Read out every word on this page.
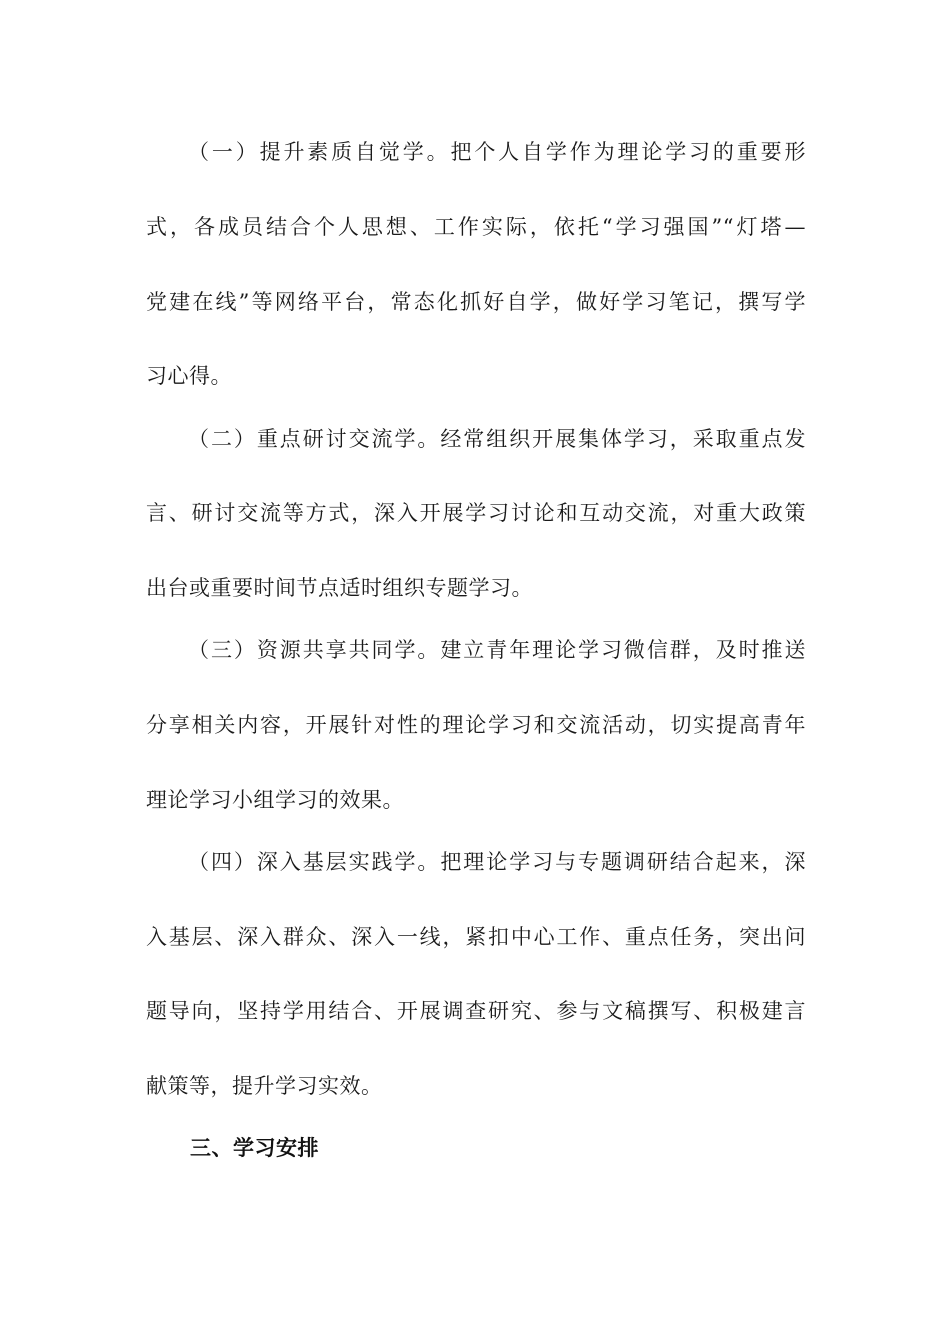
（一）提升素质自觉学。把个人自学作为理论学习的重要形
式，各成员结合个人思想、工作实际，依托“学习强国”“灯塔—
党建在线”等网络平台，常态化抓好自学，做好学习笔记，撰写学
习心得。
（二）重点研讨交流学。经常组织开展集体学习，采取重点发
言、研讨交流等方式，深入开展学习讨论和互动交流，对重大政策
出台或重要时间节点适时组织专题学习。
（三）资源共享共同学。建立青年理论学习微信群，及时推送
分享相关内容，开展针对性的理论学习和交流活动，切实提高青年
理论学习小组学习的效果。
（四）深入基层实践学。把理论学习与专题调研结合起来，深
入基层、深入群众、深入一线，紧扣中心工作、重点任务，突出问
题导向，坚持学用结合、开展调查研究、参与文稿撰写、积极建言
献策等，提升学习实效。
三、学习安排
